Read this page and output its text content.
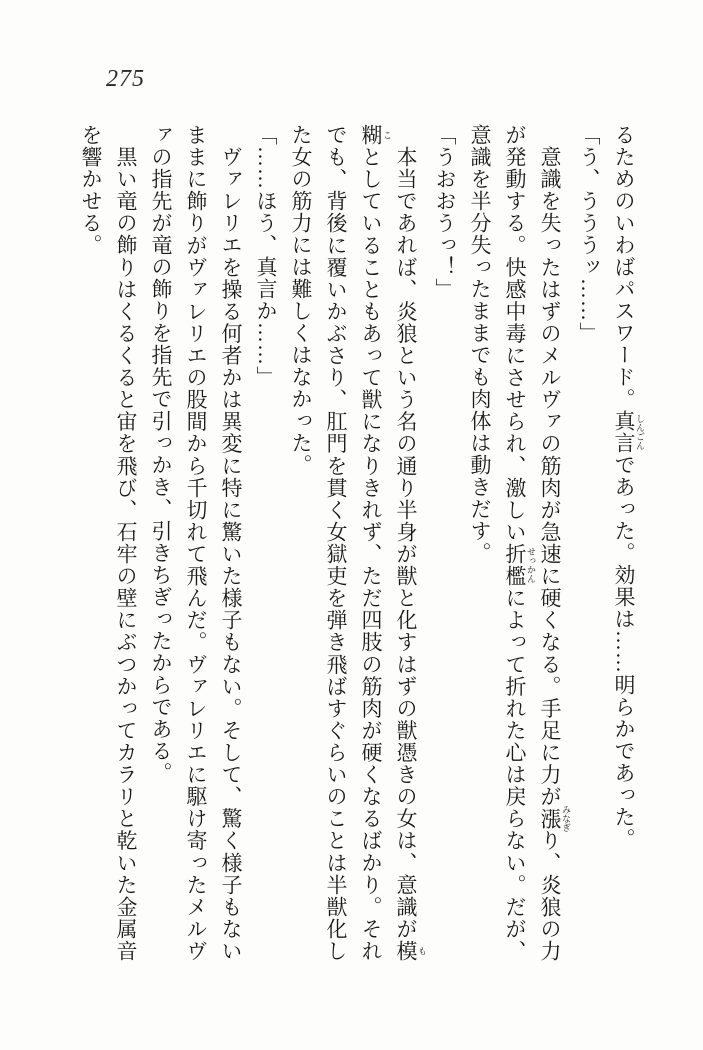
275

るためのいわばパスワード。真言 しんごんであった。効果は……明らかであった。

「う、うううッ……」

意識を失ったはずのメルヴァの筋肉が急速に硬くなる。手足に力が漲 みなぎり、炎狼の力が発動する。快感中毒にさせられ、激しい折檻 せっかんによって折れた心は戻らない。だが、意識を半分失ったままでも肉体は動きだす。

「うおおうっ！」

本当であれば、炎狼という名の通り半身が獣と化すはずの獣憑きの女は、意識が模 も糊 ことしていることもあって獣になりきれず、ただ四肢の筋肉が硬くなるばかり。それでも、背後に覆いかぶさり、肛門を貫く女獄吏を弾き飛ばすぐらいのことは半獣化した女の筋力には難しくはなかった。

「……ほう、真言か……」

ヴァレリエを操る何者かは異変に特に驚いた様子もない。そして、驚く様子もないままに飾りがヴァレリエの股間から千切れて飛んだ。ヴァレリエに駆け寄ったメルヴァの指先が竜の飾りを指先で引っかき、引きちぎったからである。

黒い竜の飾りはくるくると宙を飛び、石牢の壁にぶつかってカラリと乾いた金属音を響かせる。
